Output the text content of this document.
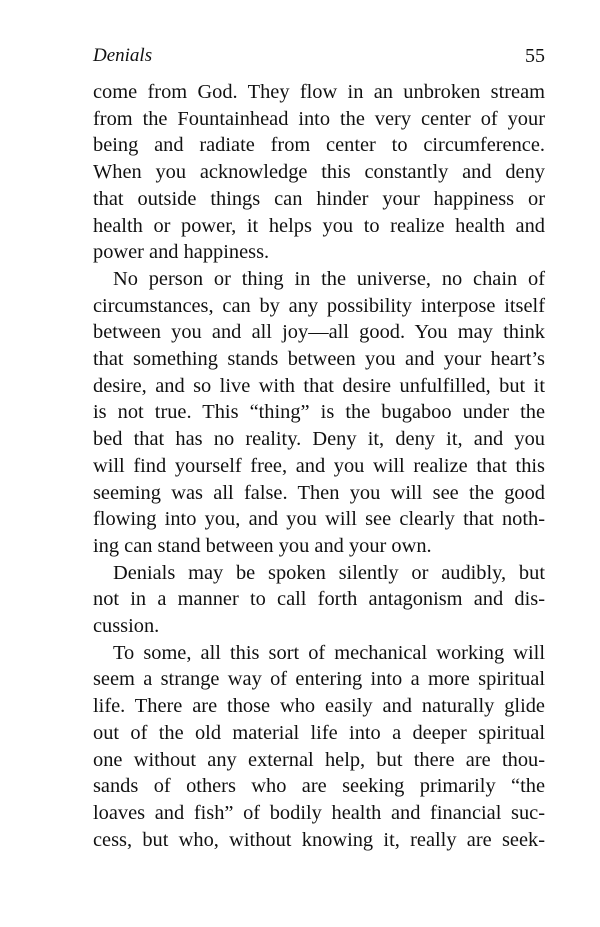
Denials	55
come from God. They flow in an unbroken stream
from the Fountainhead into the very center of your
being and radiate from center to circumference.
When you acknowledge this constantly and deny
that outside things can hinder your happiness or
health or power, it helps you to realize health and
power and happiness.
No person or thing in the universe, no chain of
circumstances, can by any possibility interpose itself
between you and all joy—all good. You may think
that something stands between you and your heart’s
desire, and so live with that desire unfulfilled, but it
is not true. This “thing” is the bugaboo under the
bed that has no reality. Deny it, deny it, and you
will find yourself free, and you will realize that this
seeming was all false. Then you will see the good
flowing into you, and you will see clearly that noth-
ing can stand between you and your own.
Denials may be spoken silently or audibly, but
not in a manner to call forth antagonism and dis-
cussion.
To some, all this sort of mechanical working will
seem a strange way of entering into a more spiritual
life. There are those who easily and naturally glide
out of the old material life into a deeper spiritual
one without any external help, but there are thou-
sands of others who are seeking primarily “the
loaves and fish” of bodily health and financial suc-
cess, but who, without knowing it, really are seek-
